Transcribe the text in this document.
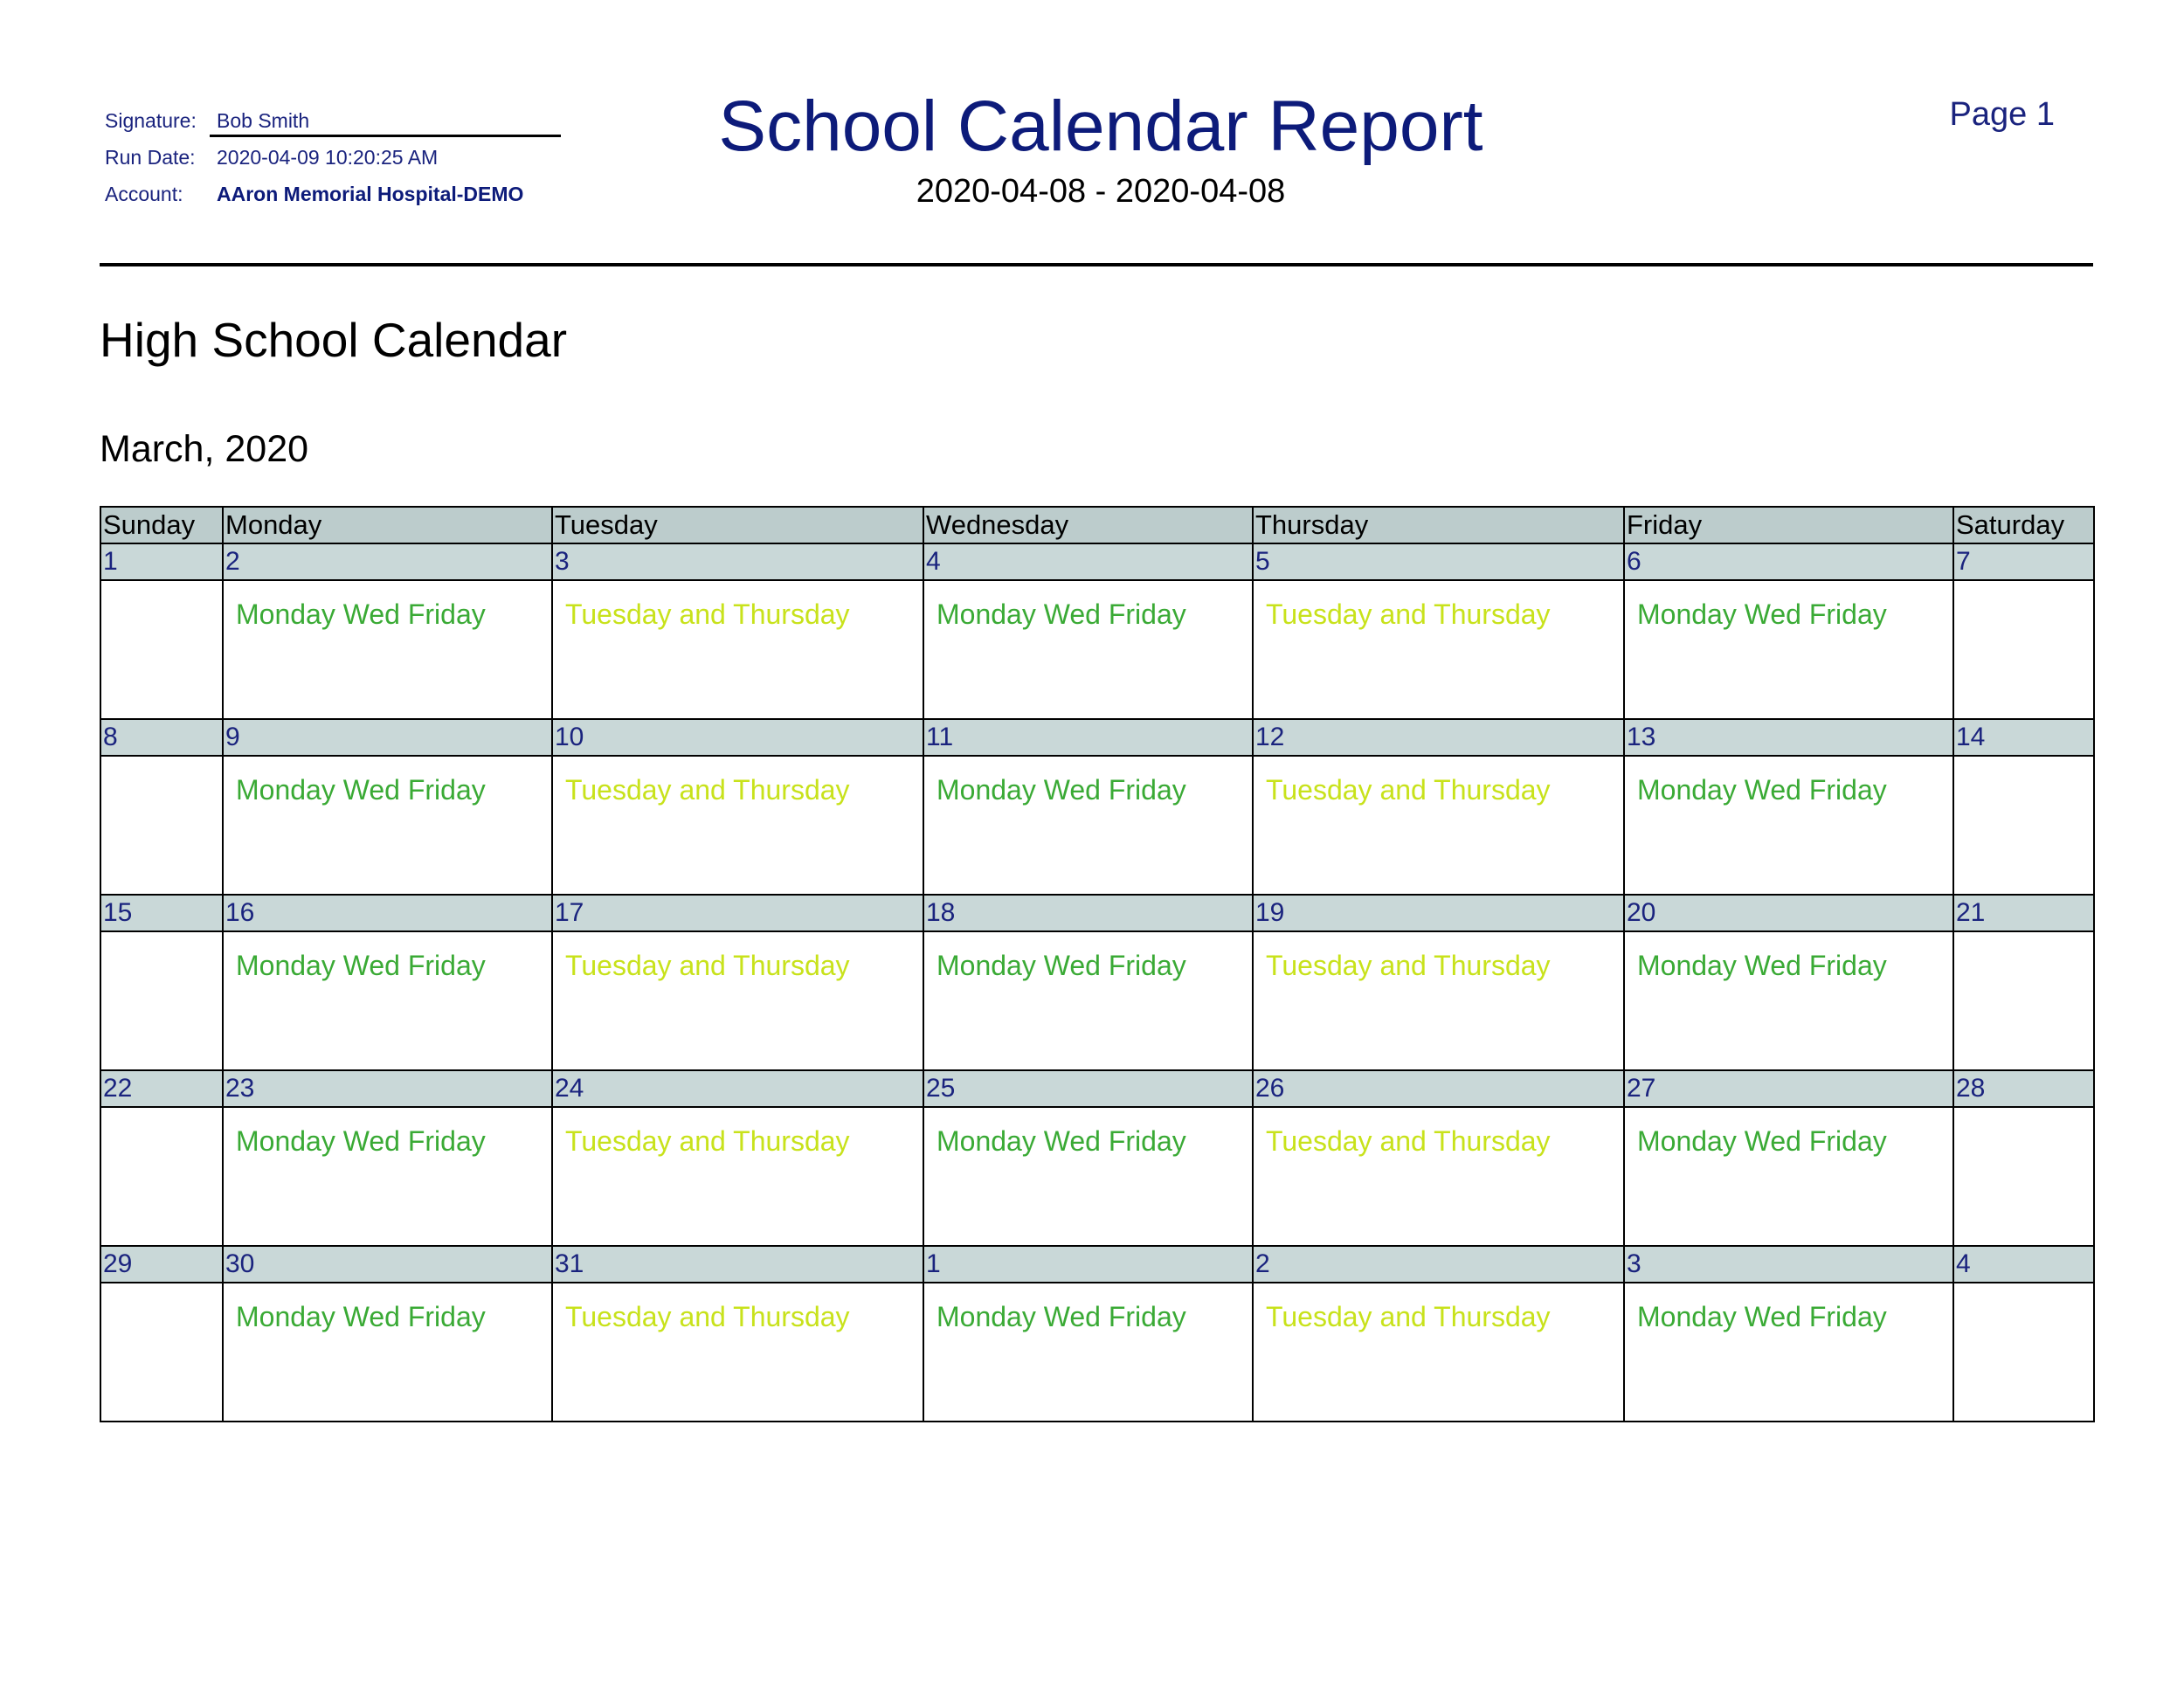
Signature: Bob Smith
Run Date: 2020-04-09 10:20:25 AM
Account: AAron Memorial Hospital-DEMO
School Calendar Report
2020-04-08 - 2020-04-08
Page 1
High School Calendar
March, 2020
Sunday	Monday	Tuesday	Wednesday	Thursday	Friday	Saturday
1	2	3	4	5	6	7

	Monday Wed Friday	Tuesday and Thursday	Monday Wed Friday	Tuesday and Thursday	Monday Wed Friday	

8	9	10	11	12	13	14

	Monday Wed Friday	Tuesday and Thursday	Monday Wed Friday	Tuesday and Thursday	Monday Wed Friday	

15	16	17	18	19	20	21

	Monday Wed Friday	Tuesday and Thursday	Monday Wed Friday	Tuesday and Thursday	Monday Wed Friday	

22	23	24	25	26	27	28

	Monday Wed Friday	Tuesday and Thursday	Monday Wed Friday	Tuesday and Thursday	Monday Wed Friday	

29	30	31	1	2	3	4

	Monday Wed Friday	Tuesday and Thursday	Monday Wed Friday	Tuesday and Thursday	Monday Wed Friday	
